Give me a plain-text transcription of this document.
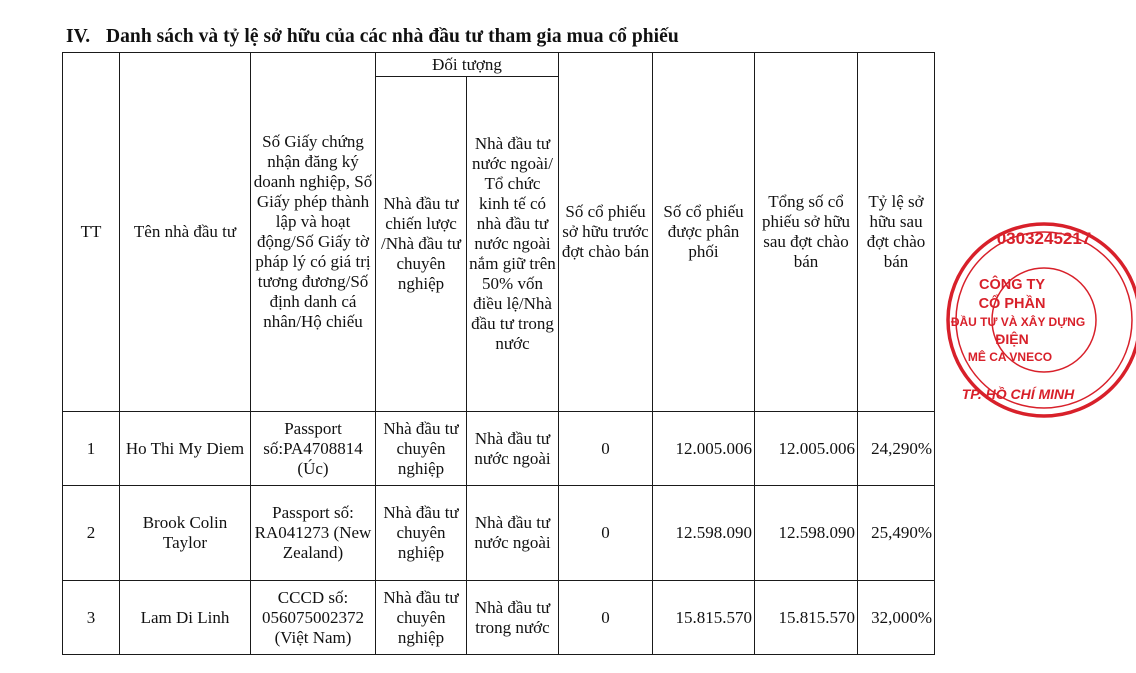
IV. Danh sách và tỷ lệ sở hữu của các nhà đầu tư tham gia mua cổ phiếu
TT	Tên nhà đầu tư	Số Giấy chứng nhận đăng ký doanh nghiệp, Số Giấy phép thành lập và hoạt động/Số Giấy tờ pháp lý có giá trị tương đương/Số định danh cá nhân/Hộ chiếu	Đối tượng		Số cổ phiếu sở hữu trước đợt chào bán	Số cổ phiếu được phân phối	Tổng số cổ phiếu sở hữu sau đợt chào bán	Tỷ lệ sở hữu sau đợt chào bán
			Nhà đầu tư chiến lược /Nhà đầu tư chuyên nghiệp	Nhà đầu tư nước ngoài/ Tổ chức kinh tế có nhà đầu tư nước ngoài nắm giữ trên 50% vốn điều lệ/Nhà đầu tư trong nước				
1	Ho Thi My Diem	Passport số:PA4708814 (Úc)	Nhà đầu tư chuyên nghiệp	Nhà đầu tư nước ngoài	0	12.005.006	12.005.006	24,290%
2	Brook Colin Taylor	Passport số: RA041273 (New Zealand)	Nhà đầu tư chuyên nghiệp	Nhà đầu tư nước ngoài	0	12.598.090	12.598.090	25,490%
3	Lam Di Linh	CCCD số: 056075002372 (Việt Nam)	Nhà đầu tư chuyên nghiệp	Nhà đầu tư trong nước	0	15.815.570	15.815.570	32,000%
0303245217
CÔNG TY
CỔ PHẦN
ĐẦU TƯ VÀ XÂY DỰNG
ĐIỆN
MÊ CA VNECO
TP. HỒ CHÍ MINH
